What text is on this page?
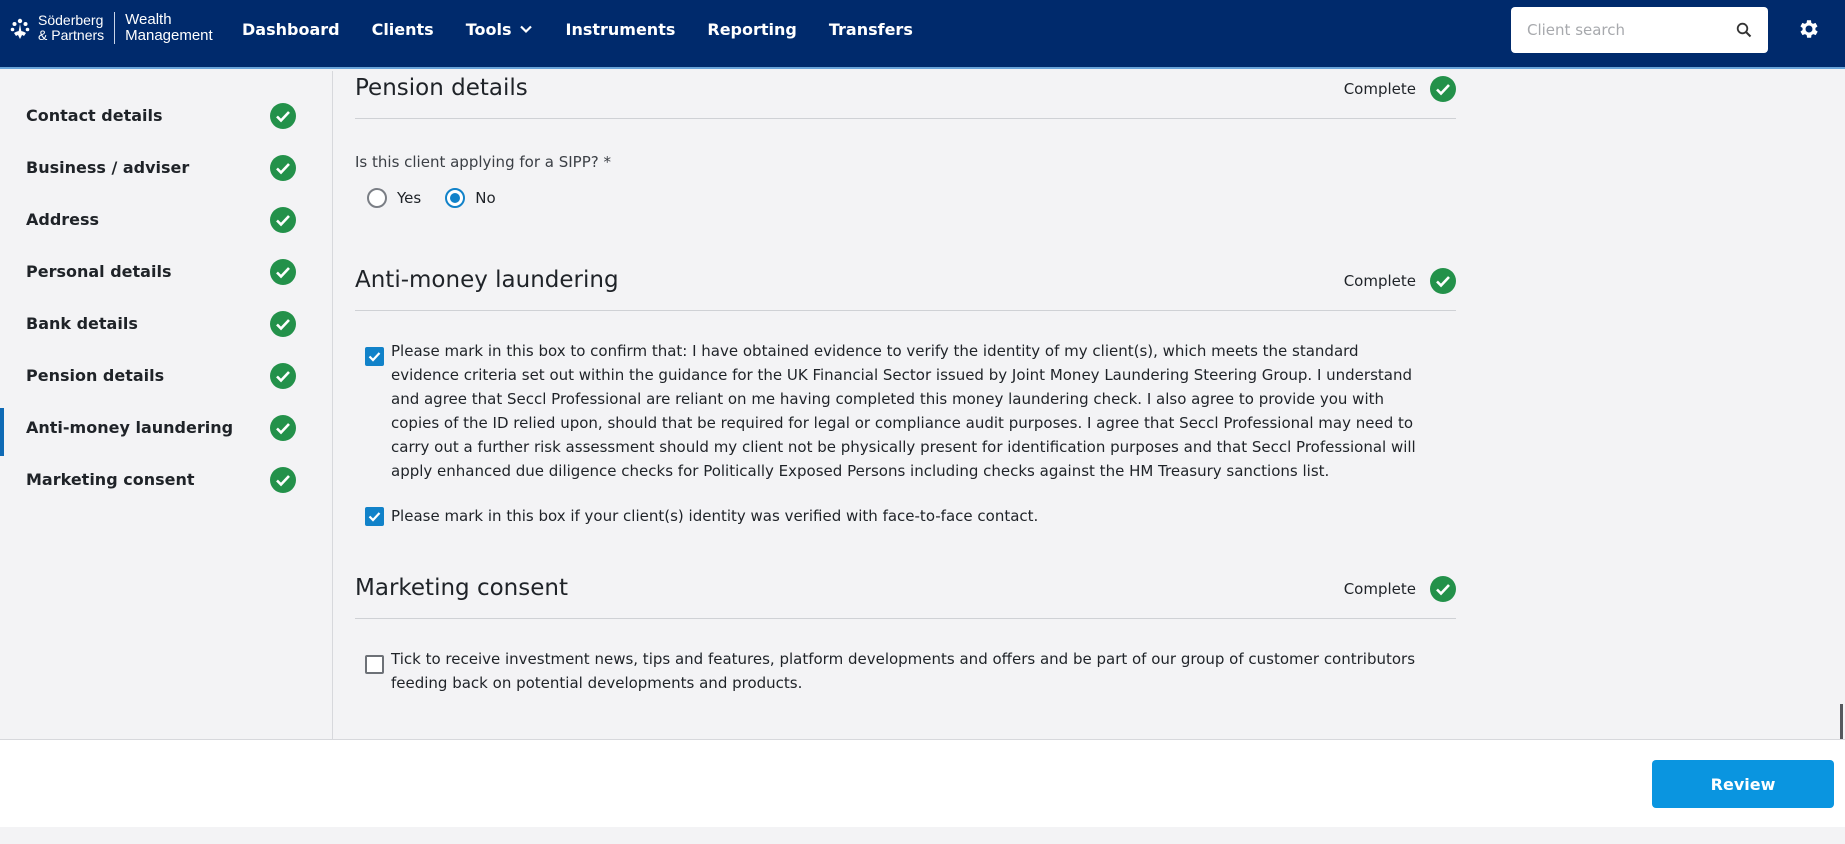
Söderberg
& Partners
Wealth
Management Dashboard Clients Tools	Instruments Reporting Transfers
Client search
Contact details
Business / adviser
Address
Personal details
Bank details
Pension details
Anti-money laundering
Marketing consent
Pension details	Complete
Is this client applying for a SIPP? *
Yes	No
Anti-money laundering	Complete
Please mark in this box to confirm that: I have obtained evidence to verify the identity of my client(s), which meets the standard evidence criteria set out within the guidance for the UK Financial Sector issued by Joint Money Laundering Steering Group. I understand and agree that Seccl Professional are reliant on me having completed this money laundering check. I also agree to provide you with copies of the ID relied upon, should that be required for legal or compliance audit purposes. I agree that Seccl Professional may need to carry out a further risk assessment should my client not be physically present for identification purposes and that Seccl Professional will apply enhanced due diligence checks for Politically Exposed Persons including checks against the HM Treasury sanctions list.
Please mark in this box if your client(s) identity was verified with face-to-face contact.
Marketing consent	Complete
Tick to receive investment news, tips and features, platform developments and offers and be part of our group of customer contributors feeding back on potential developments and products.
Review
